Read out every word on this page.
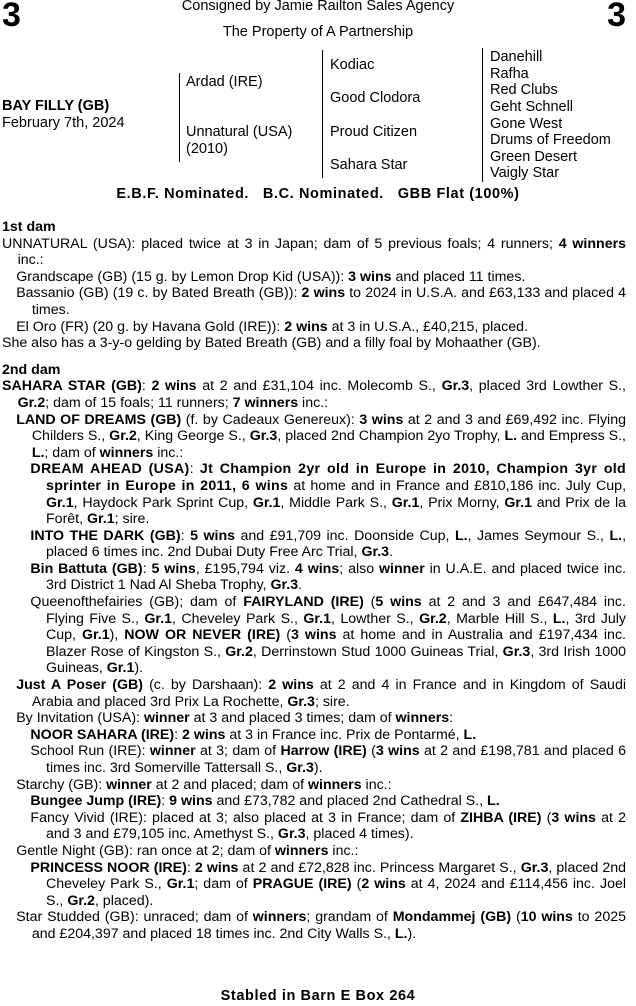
3	3
Consigned by Jamie Railton Sales Agency
The Property of A Partnership
BAY FILLY (GB)
February 7th, 2024
Ardad (IRE)
Unnatural (USA)
(2010)
Kodiac
Good Clodora
Proud Citizen
Sahara Star
Danehill
Rafha
Red Clubs
Geht Schnell
Gone West
Drums of Freedom
Green Desert
Vaigly Star
E.B.F. Nominated.   B.C. Nominated.   GBB Flat (100%)
1st dam

UNNATURAL (USA): placed twice at 3 in Japan; dam of 5 previous foals; 4 runners; 4 winners inc.:

Grandscape (GB) (15 g. by Lemon Drop Kid (USA)): 3 wins and placed 11 times.

Bassanio (GB) (19 c. by Bated Breath (GB)): 2 wins to 2024 in U.S.A. and £63,133 and placed 4 times.

El Oro (FR) (20 g. by Havana Gold (IRE)): 2 wins at 3 in U.S.A., £40,215, placed.

She also has a 3-y-o gelding by Bated Breath (GB) and a filly foal by Mohaather (GB).

2nd dam

SAHARA STAR (GB): 2 wins at 2 and £31,104 inc. Molecomb S., Gr.3, placed 3rd Lowther S., Gr.2; dam of 15 foals; 11 runners; 7 winners inc.:

LAND OF DREAMS (GB) (f. by Cadeaux Genereux): 3 wins at 2 and 3 and £69,492 inc. Flying Childers S., Gr.2, King George S., Gr.3, placed 2nd Champion 2yo Trophy, L. and Empress S., L.; dam of winners inc.:

DREAM AHEAD (USA): Jt Champion 2yr old in Europe in 2010, Champion 3yr old sprinter in Europe in 2011, 6 wins at home and in France and £810,186 inc. July Cup, Gr.1, Haydock Park Sprint Cup, Gr.1, Middle Park S., Gr.1, Prix Morny, Gr.1 and Prix de la Forêt, Gr.1; sire.

INTO THE DARK (GB): 5 wins and £91,709 inc. Doonside Cup, L., James Seymour S., L., placed 6 times inc. 2nd Dubai Duty Free Arc Trial, Gr.3.

Bin Battuta (GB): 5 wins, £195,794 viz. 4 wins; also winner in U.A.E. and placed twice inc. 3rd District 1 Nad Al Sheba Trophy, Gr.3.

Queenofthefairies (GB); dam of FAIRYLAND (IRE) (5 wins at 2 and 3 and £647,484 inc. Flying Five S., Gr.1, Cheveley Park S., Gr.1, Lowther S., Gr.2, Marble Hill S., L., 3rd July Cup, Gr.1), NOW OR NEVER (IRE) (3 wins at home and in Australia and £197,434 inc. Blazer Rose of Kingston S., Gr.2, Derrinstown Stud 1000 Guineas Trial, Gr.3, 3rd Irish 1000 Guineas, Gr.1).

Just A Poser (GB) (c. by Darshaan): 2 wins at 2 and 4 in France and in Kingdom of Saudi Arabia and placed 3rd Prix La Rochette, Gr.3; sire.

By Invitation (USA): winner at 3 and placed 3 times; dam of winners:

NOOR SAHARA (IRE): 2 wins at 3 in France inc. Prix de Pontarmé, L.

School Run (IRE): winner at 3; dam of Harrow (IRE) (3 wins at 2 and £198,781 and placed 6 times inc. 3rd Somerville Tattersall S., Gr.3).

Starchy (GB): winner at 2 and placed; dam of winners inc.:

Bungee Jump (IRE): 9 wins and £73,782 and placed 2nd Cathedral S., L.

Fancy Vivid (IRE): placed at 3; also placed at 3 in France; dam of ZIHBA (IRE) (3 wins at 2 and 3 and £79,105 inc. Amethyst S., Gr.3, placed 4 times).

Gentle Night (GB): ran once at 2; dam of winners inc.:

PRINCESS NOOR (IRE): 2 wins at 2 and £72,828 inc. Princess Margaret S., Gr.3, placed 2nd Cheveley Park S., Gr.1; dam of PRAGUE (IRE) (2 wins at 4, 2024 and £114,456 inc. Joel S., Gr.2, placed).

Star Studded (GB): unraced; dam of winners; grandam of Mondammej (GB) (10 wins to 2025 and £204,397 and placed 18 times inc. 2nd City Walls S., L.).

Stabled in Barn E Box 264
